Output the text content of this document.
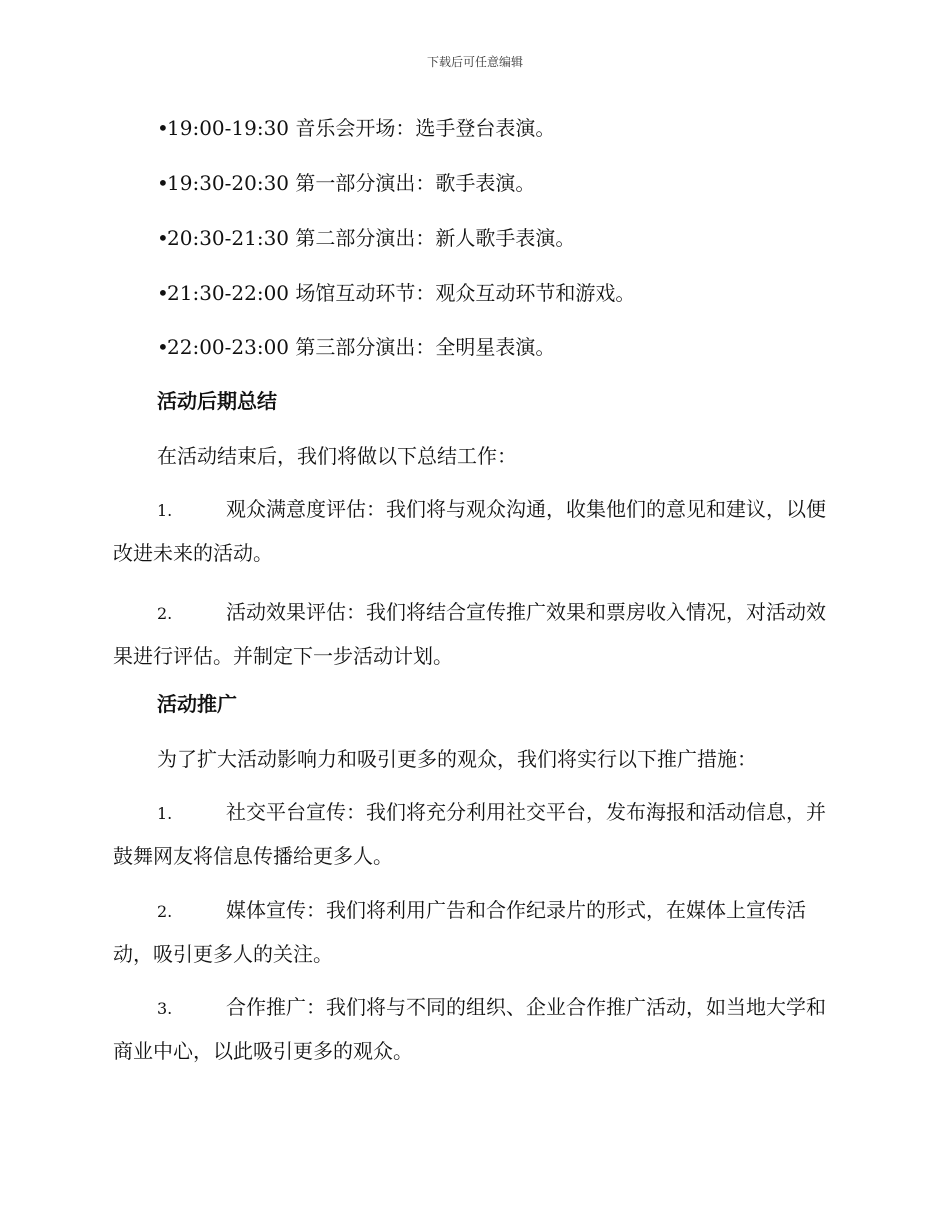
下载后可任意编辑
•19:00-19:30 音乐会开场：选手登台表演。
•19:30-20:30 第一部分演出：歌手表演。
•20:30-21:30 第二部分演出：新人歌手表演。
•21:30-22:00 场馆互动环节：观众互动环节和游戏。
•22:00-23:00 第三部分演出：全明星表演。
活动后期总结
在活动结束后，我们将做以下总结工作：
1.	观众满意度评估：我们将与观众沟通，收集他们的意见和建议，以便改进未来的活动。
2.	活动效果评估：我们将结合宣传推广效果和票房收入情况，对活动效果进行评估。并制定下一步活动计划。
活动推广
为了扩大活动影响力和吸引更多的观众，我们将实行以下推广措施：
1.	社交平台宣传：我们将充分利用社交平台，发布海报和活动信息，并鼓舞网友将信息传播给更多人。
2.	媒体宣传：我们将利用广告和合作纪录片的形式，在媒体上宣传活动，吸引更多人的关注。
3.	合作推广：我们将与不同的组织、企业合作推广活动，如当地大学和商业中心，以此吸引更多的观众。
